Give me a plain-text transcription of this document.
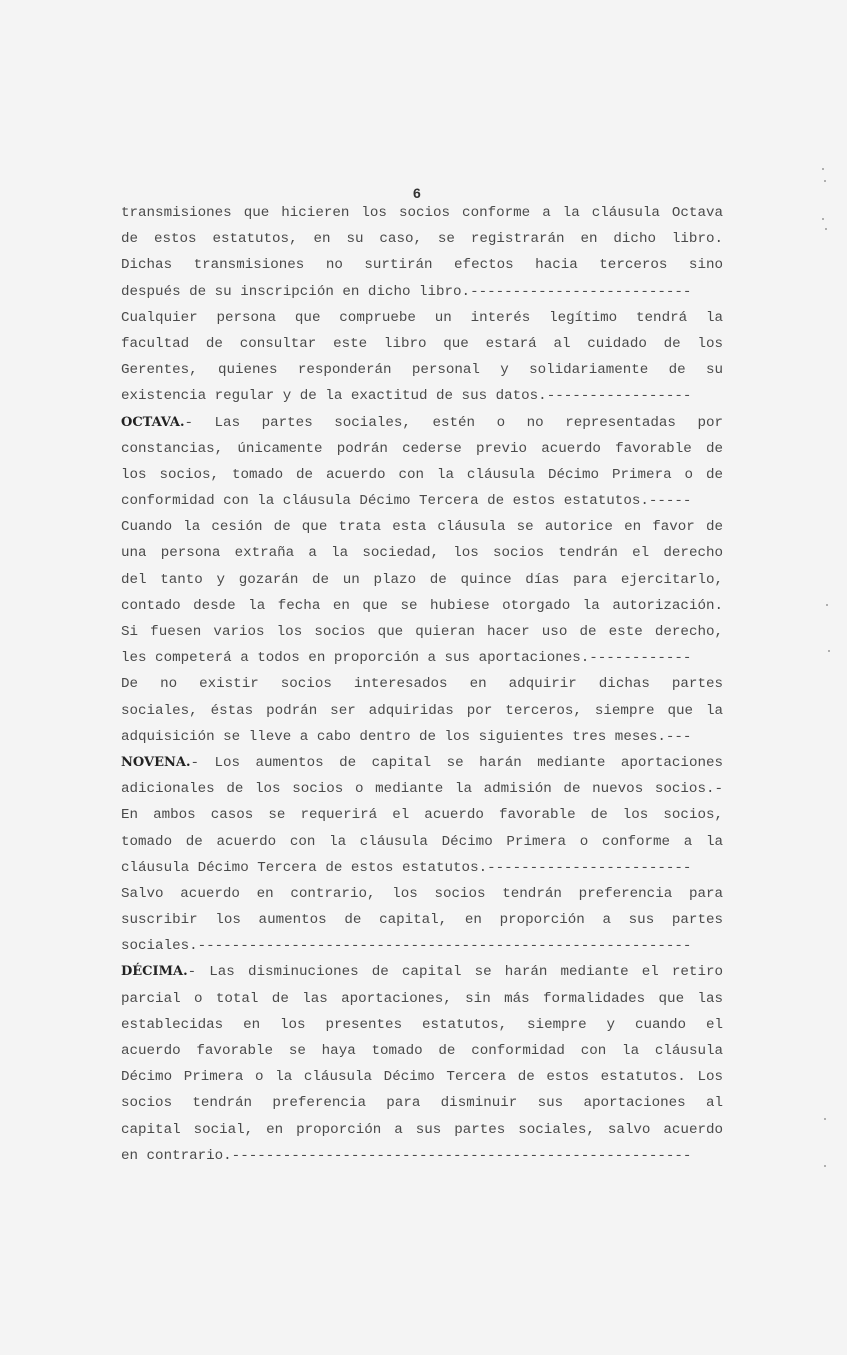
6
transmisiones que hicieren los socios conforme a la cláusula Octava
de estos estatutos, en su caso, se registrarán en dicho libro.
Dichas transmisiones no surtirán efectos hacia terceros sino
después de su inscripción en dicho libro.--------------------------
Cualquier persona que compruebe un interés legítimo tendrá la
facultad de consultar este libro que estará al cuidado de los
Gerentes, quienes responderán personal y solidariamente de su
existencia regular y de la exactitud de sus datos.-----------------
OCTAVA.- Las partes sociales, estén o no representadas por
constancias, únicamente podrán cederse previo acuerdo favorable de
los socios, tomado de acuerdo con la cláusula Décimo Primera o de
conformidad con la cláusula Décimo Tercera de estos estatutos.-----
Cuando la cesión de que trata esta cláusula se autorice en favor de
una persona extraña a la sociedad, los socios tendrán el derecho
del tanto y gozarán de un plazo de quince días para ejercitarlo,
contado desde la fecha en que se hubiese otorgado la autorización.
Si fuesen varios los socios que quieran hacer uso de este derecho,
les competerá a todos en proporción a sus aportaciones.------------
De no existir socios interesados en adquirir dichas partes
sociales, éstas podrán ser adquiridas por terceros, siempre que la
adquisición se lleve a cabo dentro de los siguientes tres meses.---
NOVENA.- Los aumentos de capital se harán mediante aportaciones
adicionales de los socios o mediante la admisión de nuevos socios.-
En ambos casos se requerirá el acuerdo favorable de los socios,
tomado de acuerdo con la cláusula Décimo Primera o conforme a la
cláusula Décimo Tercera de estos estatutos.------------------------
Salvo acuerdo en contrario, los socios tendrán preferencia para
suscribir los aumentos de capital, en proporción a sus partes
sociales.----------------------------------------------------------
DÉCIMA.- Las disminuciones de capital se harán mediante el retiro
parcial o total de las aportaciones, sin más formalidades que las
establecidas en los presentes estatutos, siempre y cuando el
acuerdo favorable se haya tomado de conformidad con la cláusula
Décimo Primera o la cláusula Décimo Tercera de estos estatutos. Los
socios tendrán preferencia para disminuir sus aportaciones al
capital social, en proporción a sus partes sociales, salvo acuerdo
en contrario.------------------------------------------------------
